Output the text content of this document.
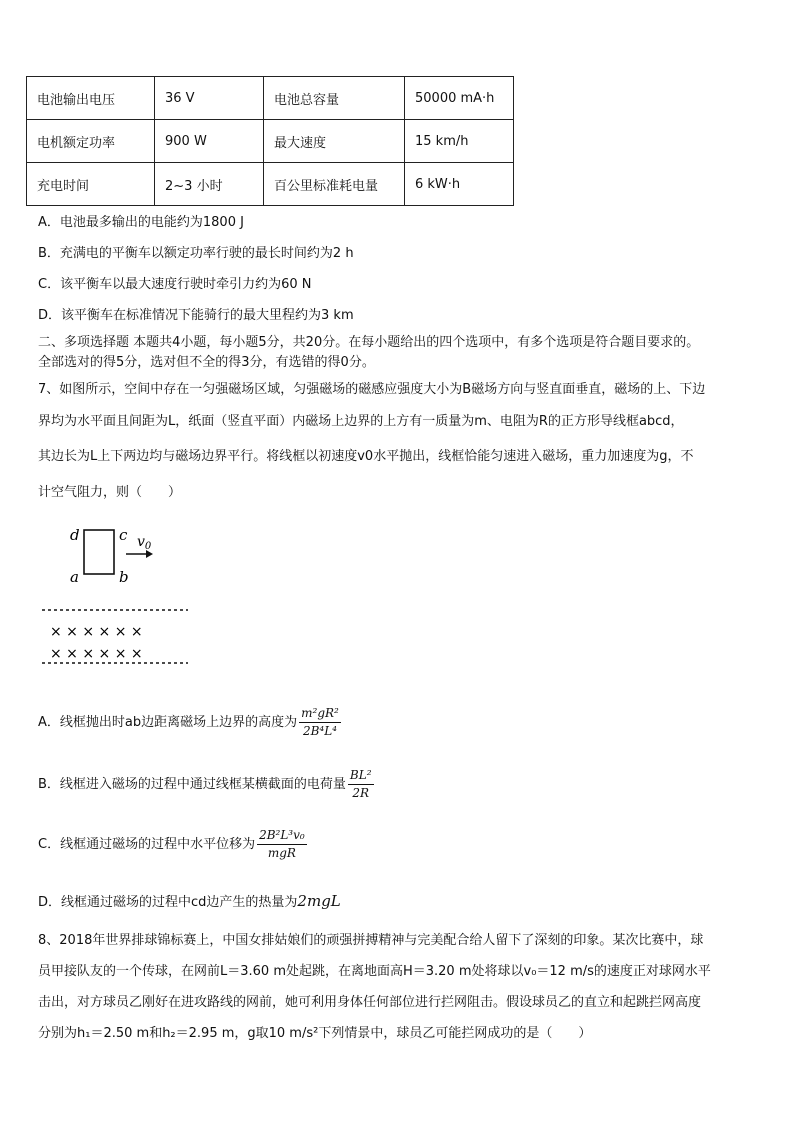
电池输出电压	36 V	电池总容量	50000 mA·h
电机额定功率	900 W	最大速度	15 km/h
充电时间	2~3 小时	百公里标准耗电量	6 kW·h
A．电池最多输出的电能约为1800 J
B．充满电的平衡车以额定功率行驶的最长时间约为2 h
C．该平衡车以最大速度行驶时牵引力约为60 N
D．该平衡车在标准情况下能骑行的最大里程约为3 km
二、多项选择题 本题共4小题，每小题5分，共20分。在每小题给出的四个选项中，有多个选项是符合题目要求的。
全部选对的得5分，选对但不全的得3分，有选错的得0分。
7、如图所示，空间中存在一匀强磁场区域，匀强磁场的磁感应强度大小为B磁场方向与竖直面垂直，磁场的上、下边
界均为水平面且间距为L，纸面（竖直平面）内磁场上边界的上方有一质量为m、电阻为R的正方形导线框abcd，
其边长为L上下两边均与磁场边界平行。将线框以初速度v0水平抛出，线框恰能匀速进入磁场，重力加速度为g，不
计空气阻力，则（　　）
d	c
a	b
$v_0$
× × × × × ×
× × × × × ×
A．线框抛出时ab边距离磁场上边界的高度为 $\frac{\text{m²gR²}}{\text{2B⁴L⁴}}$
B．线框进入磁场的过程中通过线框某横截面的电荷量 $\frac{\text{BL²}}{2R}$
C．线框通过磁场的过程中水平位移为 $\frac{\text{2B²L³v₀}}{\text{mgR}}$
D．线框通过磁场的过程中cd边产生的热量为2mgL
8、2018年世界排球锦标赛上，中国女排姑娘们的顽强拼搏精神与完美配合给人留下了深刻的印象。某次比赛中，球
员甲接队友的一个传球，在网前L＝3.60 m处起跳，在离地面高H＝3.20 m处将球以v₀＝12 m/s的速度正对球网水平
击出，对方球员乙刚好在进攻路线的网前，她可利用身体任何部位进行拦网阻击。假设球员乙的直立和起跳拦网高度
分别为h₁＝2.50 m和h₂＝2.95 m，g取10 m/s²下列情景中，球员乙可能拦网成功的是（　　）
